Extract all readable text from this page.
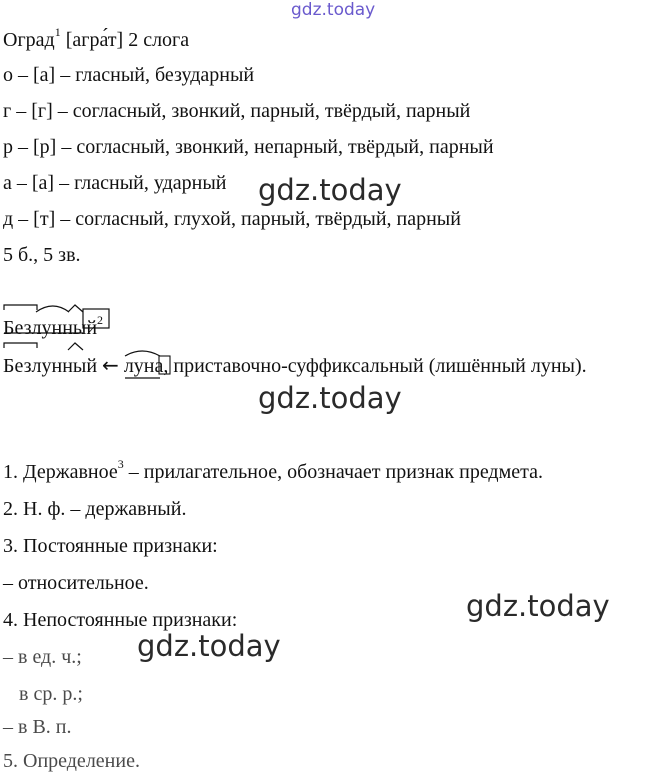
gdz.today
gdz.today
gdz.today
gdz.today
gdz.today
Оград$^1$ [агра́т] 2 слога
о – [а] – гласный, безударный
г – [г] – согласный, звонкий, парный, твёрдый, парный
р – [р] – согласный, звонкий, непарный, твёрдый, парный
а – [а] – гласный, ударный
д – [т] – согласный, глухой, парный, твёрдый, парный
5 б., 5 зв.
Безлунный
$^2$
Безлунный ← луна
, приставочно-суффиксальный (лишённый луны).
1. Державное$^3$ – прилагательное, обозначает признак предмета.
2. Н. ф. – державный.
3. Постоянные признаки:
– относительное.
4. Непостоянные признаки:
– в ед. ч.;
в ср. р.;
– в В. п.
5. Определение.
